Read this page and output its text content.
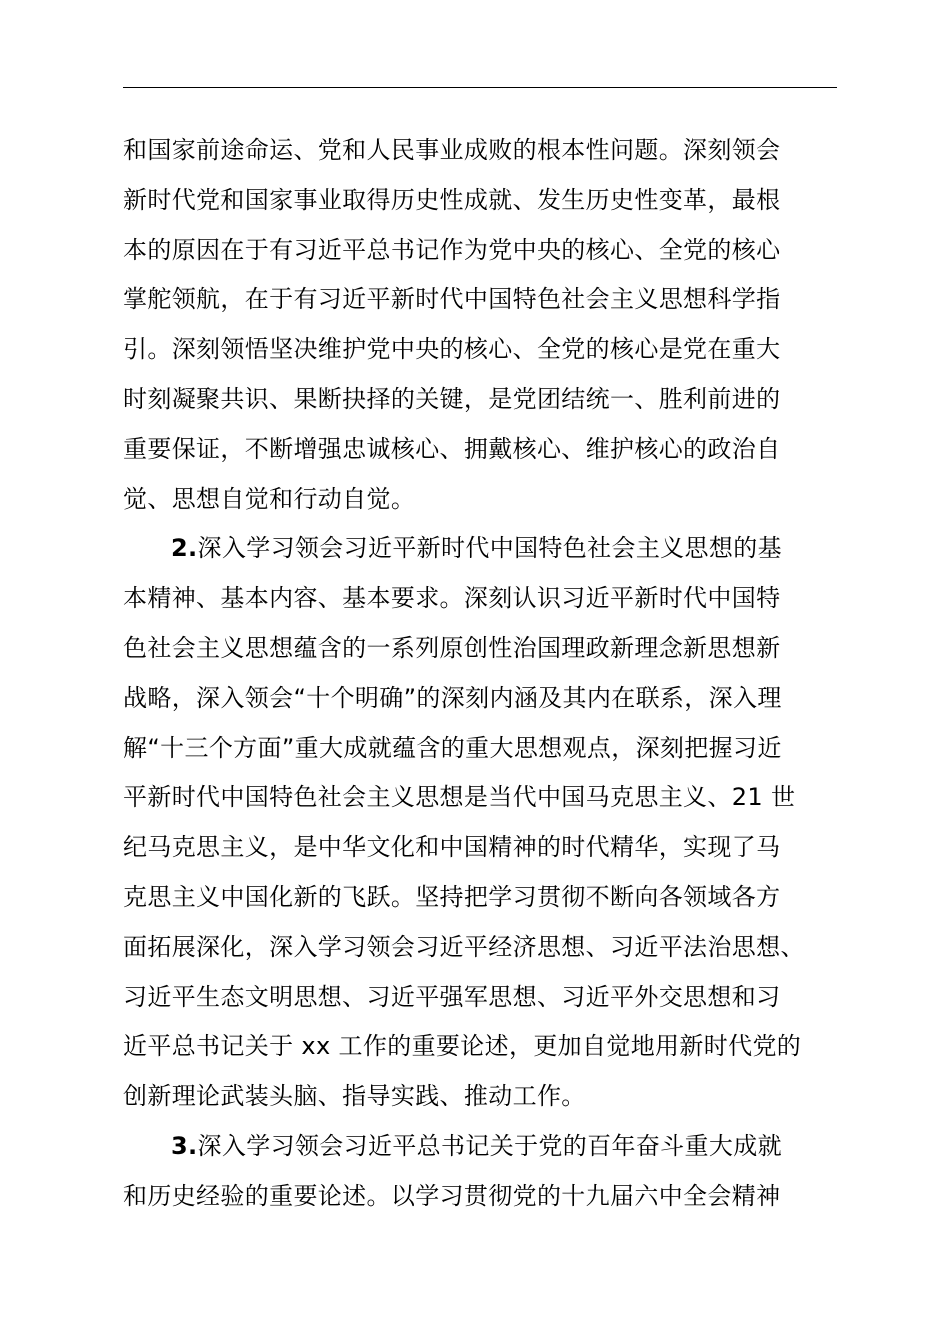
和国家前途命运、党和人民事业成败的根本性问题。深刻领会
新时代党和国家事业取得历史性成就、发生历史性变革，最根
本的原因在于有习近平总书记作为党中央的核心、全党的核心
掌舵领航，在于有习近平新时代中国特色社会主义思想科学指
引。深刻领悟坚决维护党中央的核心、全党的核心是党在重大
时刻凝聚共识、果断抉择的关键，是党团结统一、胜利前进的
重要保证，不断增强忠诚核心、拥戴核心、维护核心的政治自
觉、思想自觉和行动自觉。
2.深入学习领会习近平新时代中国特色社会主义思想的基
本精神、基本内容、基本要求。深刻认识习近平新时代中国特
色社会主义思想蕴含的一系列原创性治国理政新理念新思想新
战略，深入领会“十个明确”的深刻内涵及其内在联系，深入理
解“十三个方面”重大成就蕴含的重大思想观点，深刻把握习近
平新时代中国特色社会主义思想是当代中国马克思主义、21 世
纪马克思主义，是中华文化和中国精神的时代精华，实现了马
克思主义中国化新的飞跃。坚持把学习贯彻不断向各领域各方
面拓展深化，深入学习领会习近平经济思想、习近平法治思想、
习近平生态文明思想、习近平强军思想、习近平外交思想和习
近平总书记关于 xx 工作的重要论述，更加自觉地用新时代党的
创新理论武装头脑、指导实践、推动工作。
3.深入学习领会习近平总书记关于党的百年奋斗重大成就
和历史经验的重要论述。以学习贯彻党的十九届六中全会精神
